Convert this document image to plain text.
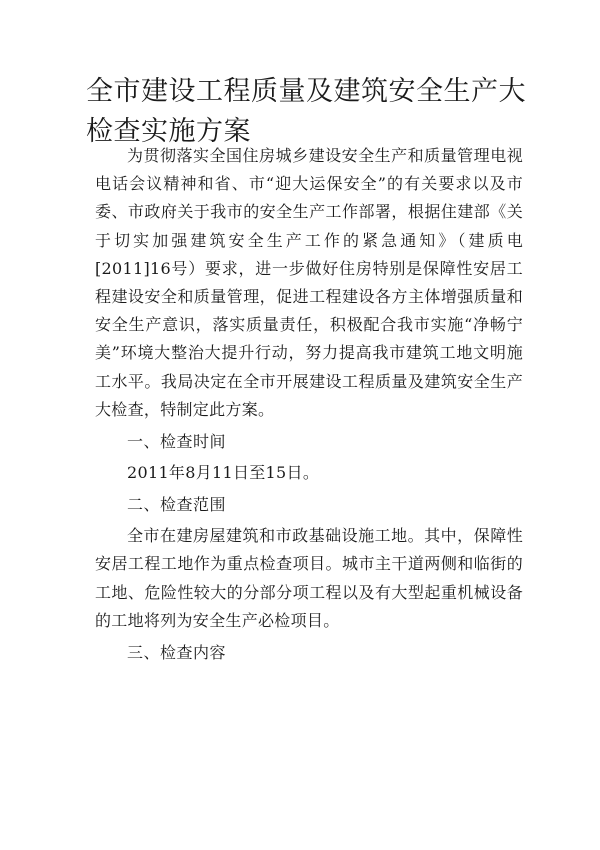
全市建设工程质量及建筑安全生产大检查实施方案

为贯彻落实全国住房城乡建设安全生产和质量管理电视电话会议精神和省、市“迎大运保安全”的有关要求以及市委、市政府关于我市的安全生产工作部署，根据住建部《关于切实加强建筑安全生产工作的紧急通知》（建质电[2011]16号）要求，进一步做好住房特别是保障性安居工程建设安全和质量管理，促进工程建设各方主体增强质量和安全生产意识，落实质量责任，积极配合我市实施“净畅宁美”环境大整治大提升行动，努力提高我市建筑工地文明施工水平。我局决定在全市开展建设工程质量及建筑安全生产大检查，特制定此方案。

一、检查时间

2011年8月11日至15日。

二、检查范围

全市在建房屋建筑和市政基础设施工地。其中，保障性安居工程工地作为重点检查项目。城市主干道两侧和临街的工地、危险性较大的分部分项工程以及有大型起重机械设备的工地将列为安全生产必检项目。

三、检查内容
